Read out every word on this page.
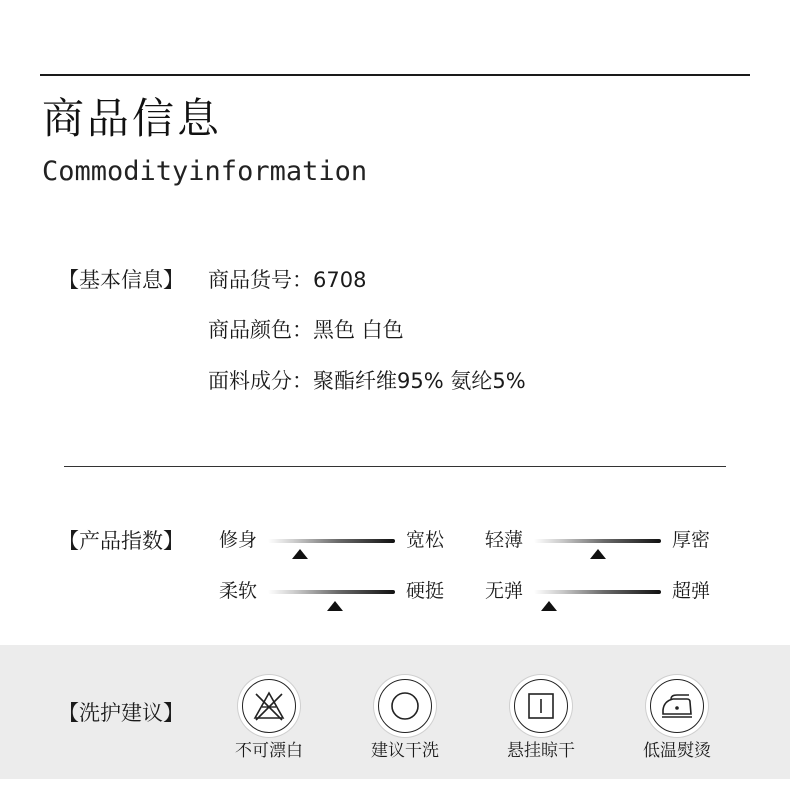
商品信息
Commodityinformation
【基本信息】 商品货号：6708
商品颜色：黑色 白色
面料成分：聚酯纤维95% 氨纶5%
【产品指数】 修身	宽松 轻薄	厚密
柔软	硬挺 无弹	超弹
【洗护建议】
不可漂白	建议干洗	悬挂晾干	低温熨烫
